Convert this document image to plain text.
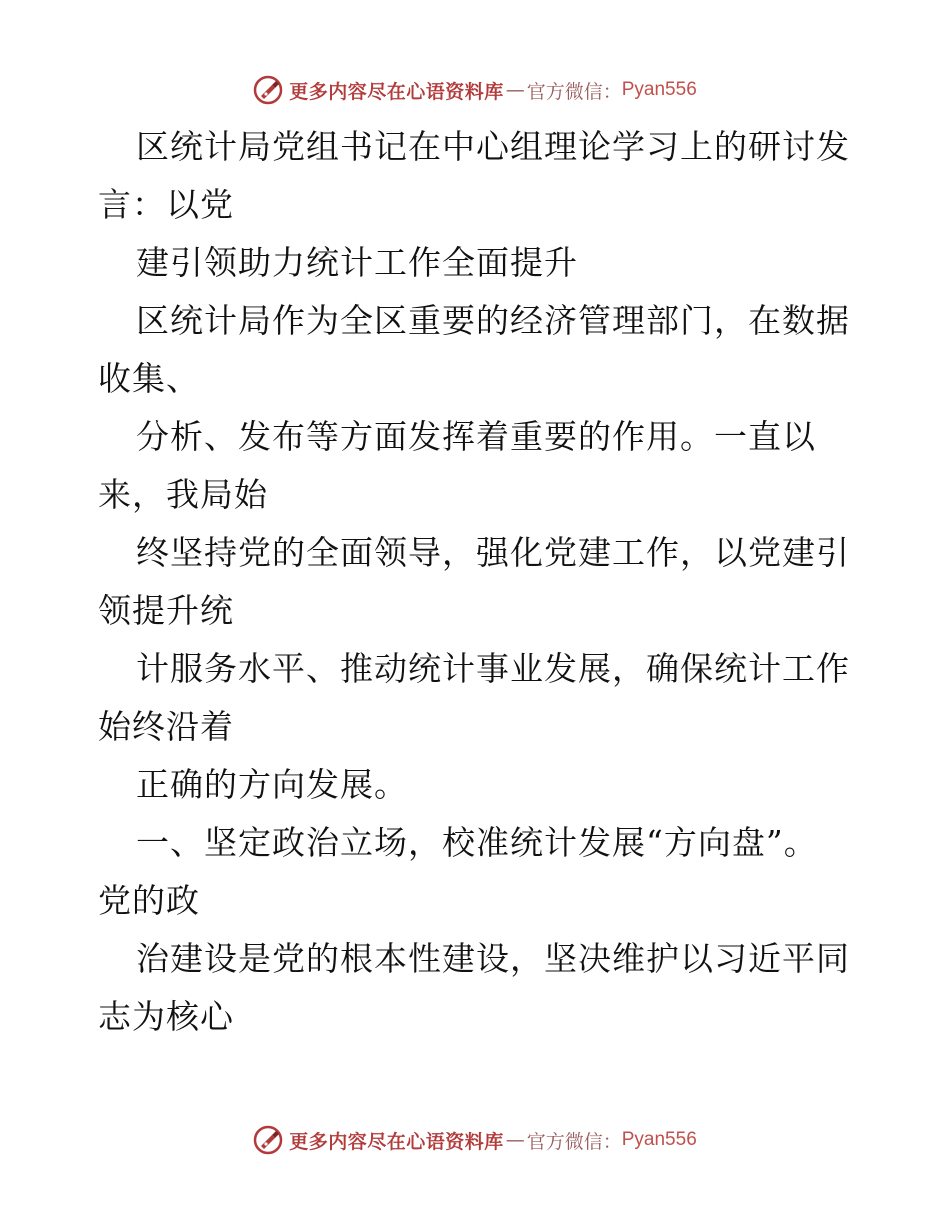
更多内容尽在心语资料库 — 官方微信： Pyan556
区统计局党组书记在中心组理论学习上的研讨发
言：以党
建引领助力统计工作全面提升
区统计局作为全区重要的经济管理部门，在数据
收集、
分析、发布等方面发挥着重要的作用。一直以
来，我局始
终坚持党的全面领导，强化党建工作，以党建引
领提升统
计服务水平、推动统计事业发展，确保统计工作
始终沿着
正确的方向发展。
一、坚定政治立场，校准统计发展“方向盘”。
党的政
治建设是党的根本性建设，坚决维护以习近平同
志为核心
更多内容尽在心语资料库 — 官方微信： Pyan556
